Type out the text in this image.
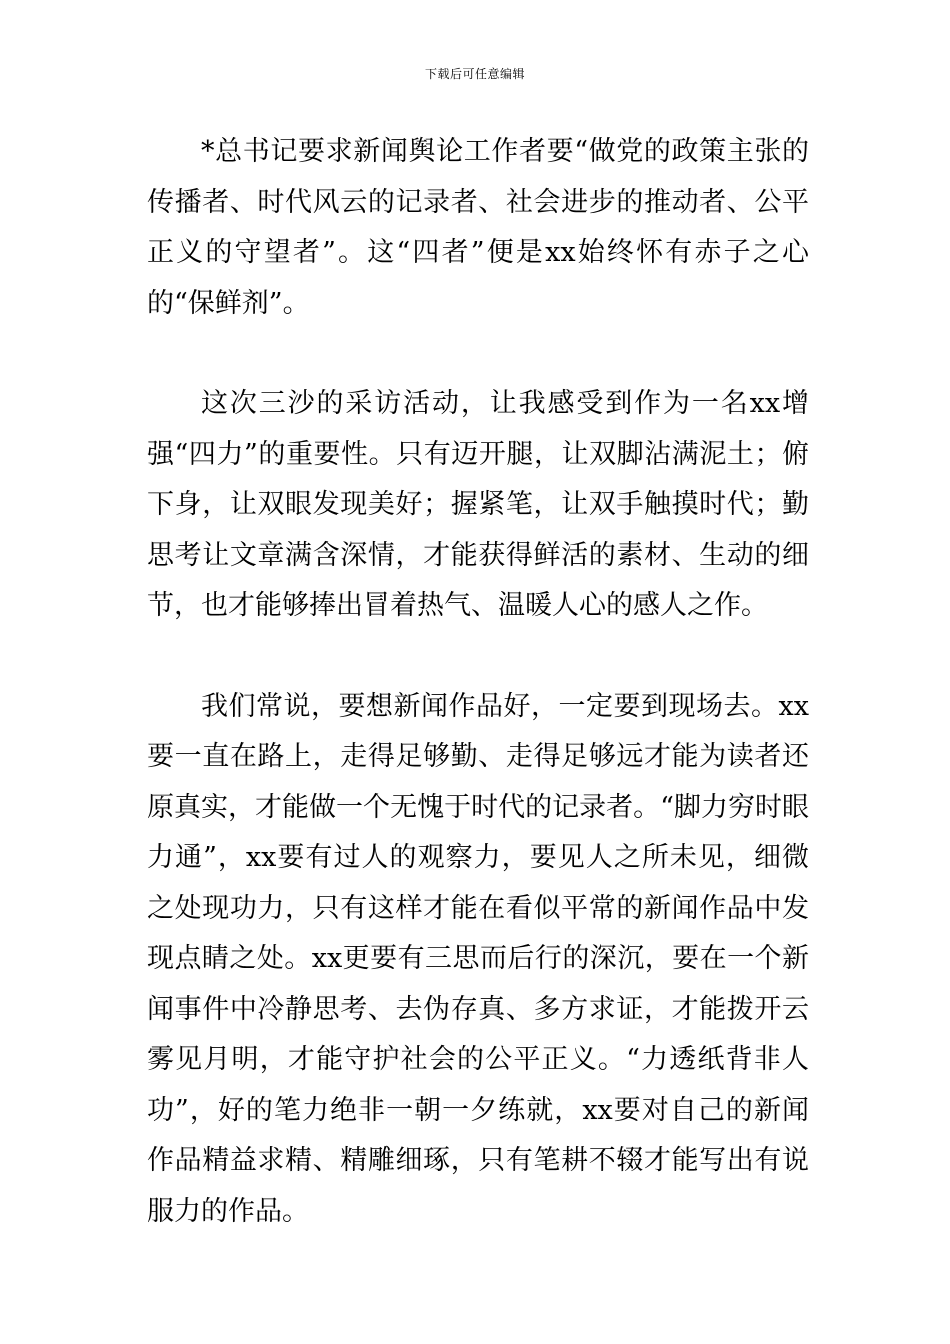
下载后可任意编辑

*总书记要求新闻舆论工作者要“做党的政策主张的传播者、时代风云的记录者、社会进步的推动者、公平正义的守望者”。这“四者”便是xx始终怀有赤子之心的“保鲜剂”。

这次三沙的采访活动，让我感受到作为一名xx增强“四力”的重要性。只有迈开腿，让双脚沾满泥土；俯下身，让双眼发现美好；握紧笔，让双手触摸时代；勤思考让文章满含深情，才能获得鲜活的素材、生动的细节，也才能够捧出冒着热气、温暖人心的感人之作。

我们常说，要想新闻作品好，一定要到现场去。xx要一直在路上，走得足够勤、走得足够远才能为读者还原真实，才能做一个无愧于时代的记录者。“脚力穷时眼力通”，xx要有过人的观察力，要见人之所未见，细微之处现功力，只有这样才能在看似平常的新闻作品中发现点睛之处。xx更要有三思而后行的深沉，要在一个新闻事件中冷静思考、去伪存真、多方求证，才能拨开云雾见月明，才能守护社会的公平正义。“力透纸背非人功”，好的笔力绝非一朝一夕练就，xx要对自己的新闻作品精益求精、精雕细琢，只有笔耕不辍才能写出有说服力的作品。
